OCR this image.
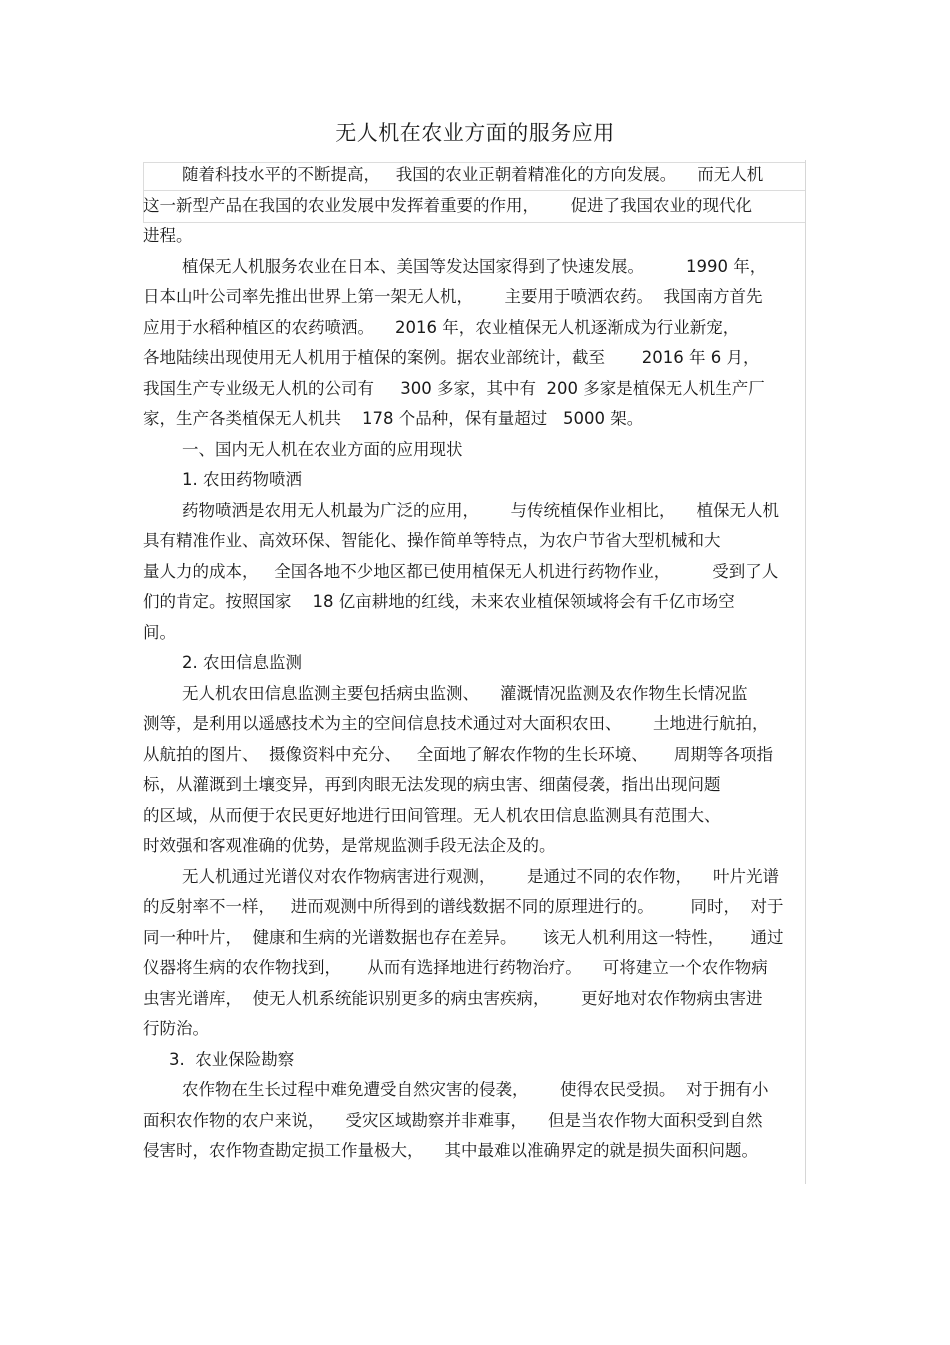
无人机在农业方面的服务应用
随着科技水平的不断提高，   我国的农业正朝着精准化的方向发展。    而无人机
这一新型产品在我国的农业发展中发挥着重要的作用，      促进了我国农业的现代化
进程。
植保无人机服务农业在日本、美国等发达国家得到了快速发展。        1990 年，
日本山叶公司率先推出世界上第一架无人机，      主要用于喷洒农药。  我国南方首先
应用于水稻种植区的农药喷洒。    2016 年，农业植保无人机逐渐成为行业新宠，
各地陆续出现使用无人机用于植保的案例。据农业部统计，截至       2016 年 6 月，
我国生产专业级无人机的公司有     300 多家，其中有  200 多家是植保无人机生产厂
家，生产各类植保无人机共    178 个品种，保有量超过   5000 架。
一、国内无人机在农业方面的应用现状
1. 农田药物喷洒
药物喷洒是农用无人机最为广泛的应用，      与传统植保作业相比，    植保无人机
具有精准作业、高效环保、智能化、操作简单等特点，为农户节省大型机械和大
量人力的成本，   全国各地不少地区都已使用植保无人机进行药物作业，        受到了人
们的肯定。按照国家    18 亿亩耕地的红线，未来农业植保领域将会有千亿市场空
间。
2. 农田信息监测
无人机农田信息监测主要包括病虫监测、    灌溉情况监测及农作物生长情况监
测等，是利用以遥感技术为主的空间信息技术通过对大面积农田、      土地进行航拍，
从航拍的图片、  摄像资料中充分、   全面地了解农作物的生长环境、     周期等各项指
标，从灌溉到土壤变异，再到肉眼无法发现的病虫害、细菌侵袭，指出出现问题
的区域，从而便于农民更好地进行田间管理。无人机农田信息监测具有范围大、
时效强和客观准确的优势，是常规监测手段无法企及的。
无人机通过光谱仪对农作物病害进行观测，      是通过不同的农作物，    叶片光谱
的反射率不一样，   进而观测中所得到的谱线数据不同的原理进行的。       同时，  对于
同一种叶片，  健康和生病的光谱数据也存在差异。     该无人机利用这一特性，     通过
仪器将生病的农作物找到，     从而有选择地进行药物治疗。    可将建立一个农作物病
虫害光谱库，  使无人机系统能识别更多的病虫害疾病，      更好地对农作物病虫害进
行防治。
3.  农业保险勘察
农作物在生长过程中难免遭受自然灾害的侵袭，      使得农民受损。  对于拥有小
面积农作物的农户来说，    受灾区域勘察并非难事，    但是当农作物大面积受到自然
侵害时，农作物查勘定损工作量极大，    其中最难以准确界定的就是损失面积问题。
